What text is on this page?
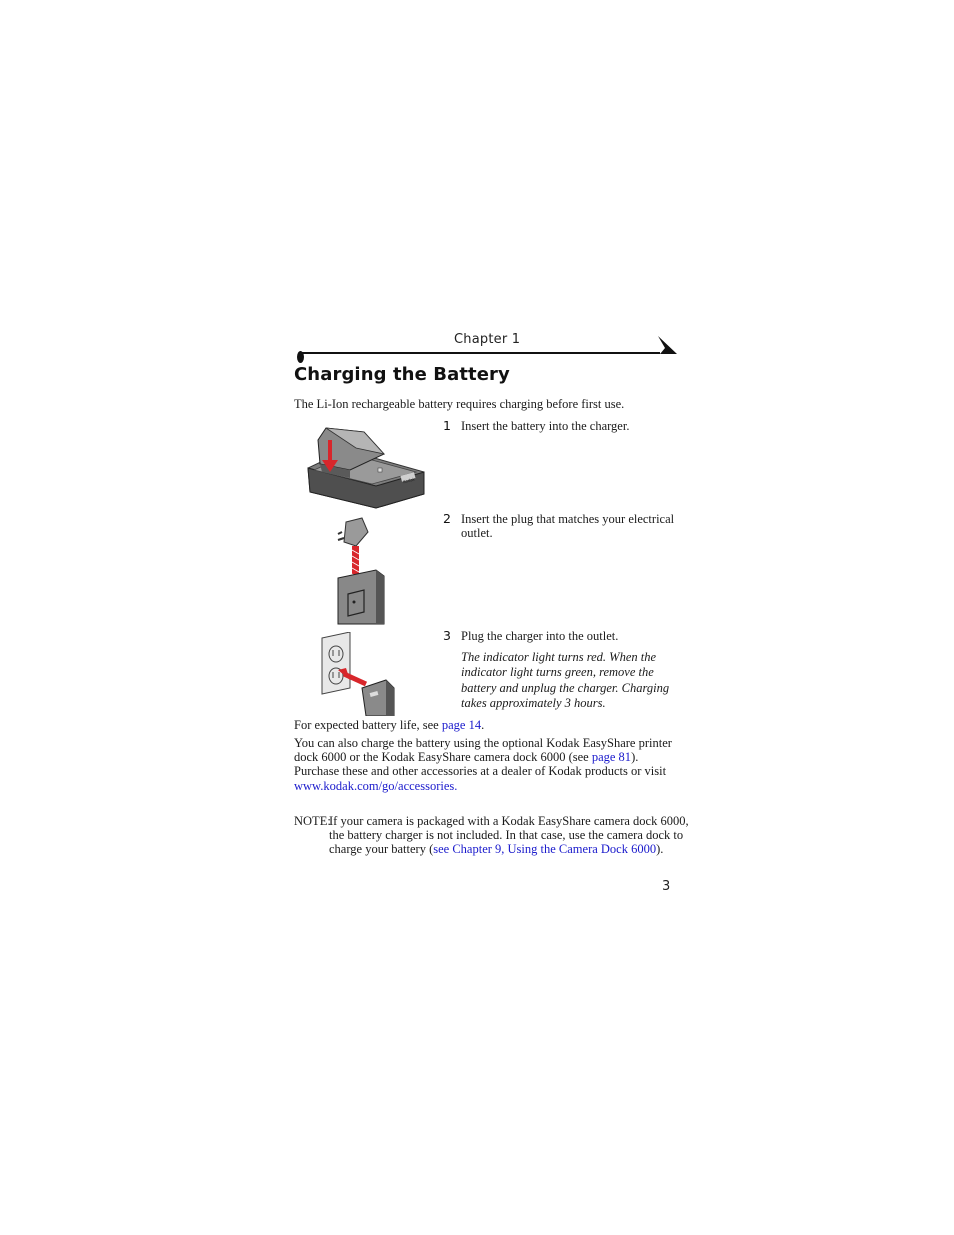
Chapter 1
Charging the Battery
The Li-Ion rechargeable battery requires charging before first use.
Kodak
1 Insert the battery into the charger.
2 Insert the plug that matches your electrical
outlet.
3 Plug the charger into the outlet.
The indicator light turns red. When the
indicator light turns green, remove the
battery and unplug the charger. Charging
takes approximately 3 hours.
For expected battery life, see page 14.
You can also charge the battery using the optional Kodak EasyShare printer
dock 6000 or the Kodak EasyShare camera dock 6000 (see page 81).
Purchase these and other accessories at a dealer of Kodak products or visit
www.kodak.com/go/accessories.
NOTE:
If your camera is packaged with a Kodak EasyShare camera dock 6000,
the battery charger is not included. In that case, use the camera dock to
charge your battery (see Chapter 9, Using the Camera Dock 6000).
3
